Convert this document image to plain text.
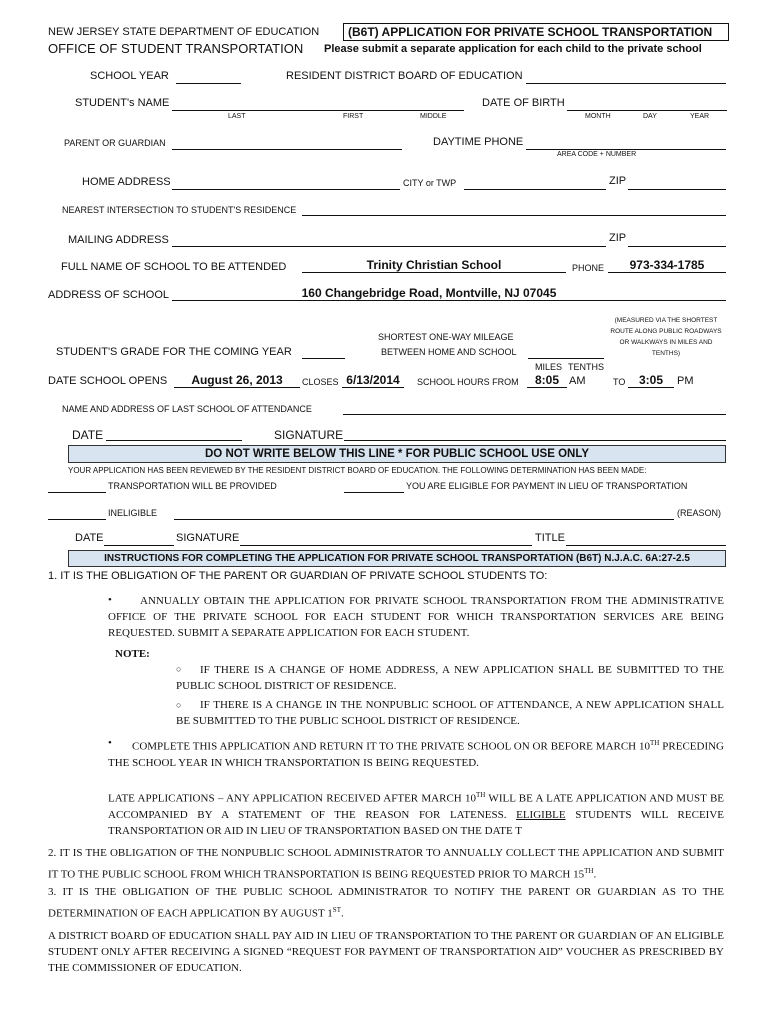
NEW JERSEY STATE DEPARTMENT OF EDUCATION
OFFICE OF STUDENT TRANSPORTATION
(B6T) APPLICATION FOR PRIVATE SCHOOL TRANSPORTATION
Please submit a separate application for each child to the private school
SCHOOL YEAR	RESIDENT DISTRICT BOARD OF EDUCATION
STUDENT's NAME
LAST	FIRST	MIDDLE
DATE OF BIRTH
MONTH	DAY	YEAR
PARENT OR GUARDIAN	DAYTIME PHONE
AREA CODE + NUMBER
HOME ADDRESS	CITY or TWP	ZIP
NEAREST INTERSECTION TO STUDENT'S RESIDENCE
MAILING ADDRESS	ZIP
FULL NAME OF SCHOOL TO BE ATTENDED	Trinity Christian School	PHONE	973-334-1785
ADDRESS OF SCHOOL	160 Changebridge Road, Montville, NJ 07045
(MEASURED VIA THE SHORTEST
ROUTE ALONG PUBLIC ROADWAYS
OR WALKWAYS IN MILES AND
TENTHS)
SHORTEST ONE-WAY MILEAGE
BETWEEN HOME AND SCHOOL
MILES TENTHS
STUDENT'S GRADE FOR THE COMING YEAR
DATE SCHOOL OPENS	August 26, 2013	CLOSES 6/13/2014	SCHOOL HOURS FROM	8:05 AM	TO	3:05	PM
NAME AND ADDRESS OF LAST SCHOOL OF ATTENDANCE
DATE	SIGNATURE
DO NOT WRITE BELOW THIS LINE * FOR PUBLIC SCHOOL USE ONLY
YOUR APPLICATION HAS BEEN REVIEWED BY THE RESIDENT DISTRICT BOARD OF EDUCATION. THE FOLLOWING DETERMINATION HAS BEEN MADE:
TRANSPORTATION WILL BE PROVIDED	YOU ARE ELIGIBLE FOR PAYMENT IN LIEU OF TRANSPORTATION
INELIGIBLE	(REASON)
DATE	SIGNATURE	TITLE
INSTRUCTIONS FOR COMPLETING THE APPLICATION FOR PRIVATE SCHOOL TRANSPORTATION (B6T) N.J.A.C. 6A:27-2.5
1. IT IS THE OBLIGATION OF THE PARENT OR GUARDIAN OF PRIVATE SCHOOL STUDENTS TO:
•	ANNUALLY OBTAIN THE APPLICATION FOR PRIVATE SCHOOL TRANSPORTATION FROM THE ADMINISTRATIVE OFFICE OF THE PRIVATE SCHOOL FOR EACH STUDENT FOR WHICH TRANSPORTATION SERVICES ARE BEING REQUESTED. SUBMIT A SEPARATE APPLICATION FOR EACH STUDENT.
NOTE:
○	IF THERE IS A CHANGE OF HOME ADDRESS, A NEW APPLICATION SHALL BE SUBMITTED TO THE PUBLIC SCHOOL DISTRICT OF RESIDENCE.
○	IF THERE IS A CHANGE IN THE NONPUBLIC SCHOOL OF ATTENDANCE, A NEW APPLICATION SHALL BE SUBMITTED TO THE PUBLIC SCHOOL DISTRICT OF RESIDENCE.
•	COMPLETE THIS APPLICATION AND RETURN IT TO THE PRIVATE SCHOOL ON OR BEFORE MARCH 10TH PRECEDING THE SCHOOL YEAR IN WHICH TRANSPORTATION IS BEING REQUESTED.
LATE APPLICATIONS – ANY APPLICATION RECEIVED AFTER MARCH 10TH WILL BE A LATE APPLICATION AND MUST BE ACCOMPANIED BY A STATEMENT OF THE REASON FOR LATENESS. ELIGIBLE STUDENTS WILL RECEIVE TRANSPORTATION OR AID IN LIEU OF TRANSPORTATION BASED ON THE DATE T
2. IT IS THE OBLIGATION OF THE NONPUBLIC SCHOOL ADMINISTRATOR TO ANNUALLY COLLECT THE APPLICATION AND SUBMIT IT TO THE PUBLIC SCHOOL FROM WHICH TRANSPORTATION IS BEING REQUESTED PRIOR TO MARCH 15TH.
3. IT IS THE OBLIGATION OF THE PUBLIC SCHOOL ADMINISTRATOR TO NOTIFY THE PARENT OR GUARDIAN AS TO THE DETERMINATION OF EACH APPLICATION BY AUGUST 1ST.
A DISTRICT BOARD OF EDUCATION SHALL PAY AID IN LIEU OF TRANSPORTATION TO THE PARENT OR GUARDIAN OF AN ELIGIBLE STUDENT ONLY AFTER RECEIVING A SIGNED “REQUEST FOR PAYMENT OF TRANSPORTATION AID” VOUCHER AS PRESCRIBED BY THE COMMISSIONER OF EDUCATION.
